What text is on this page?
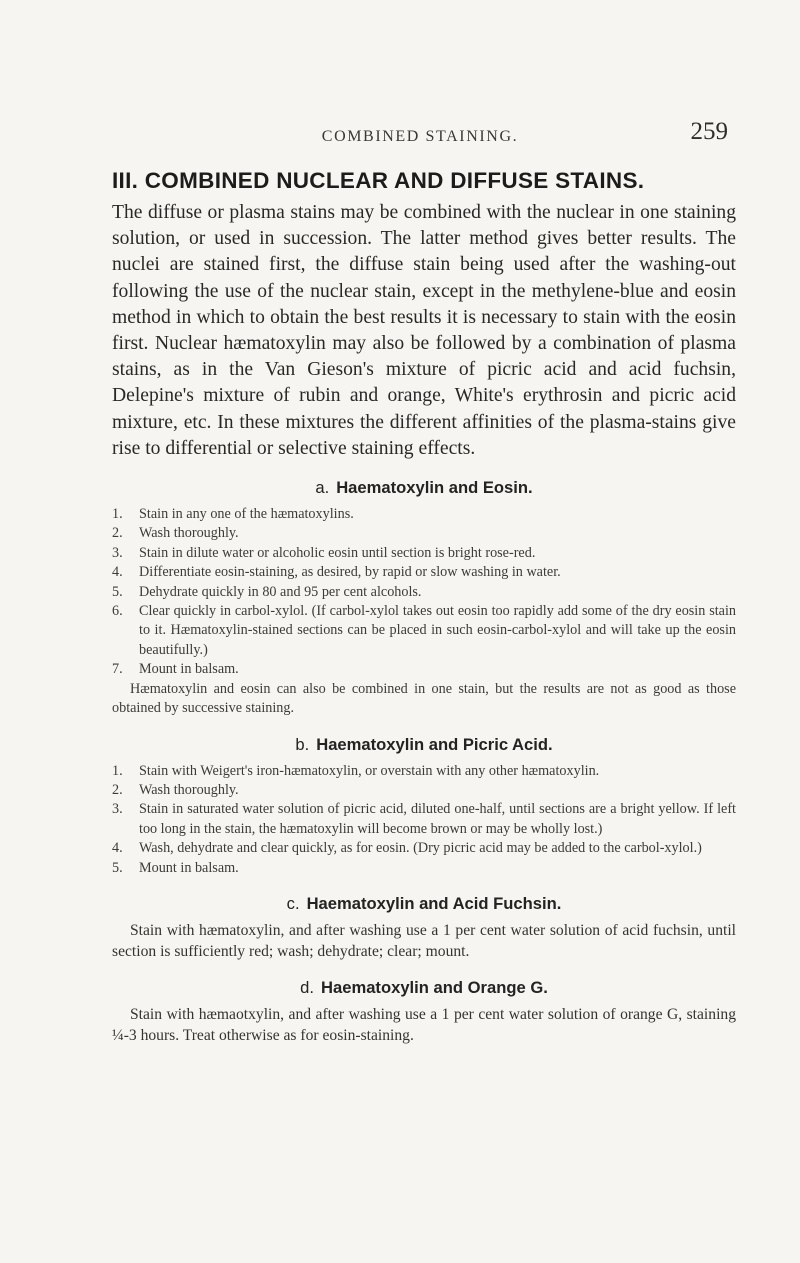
COMBINED STAINING.	259
III. COMBINED NUCLEAR AND DIFFUSE STAINS.

The diffuse or plasma stains may be combined with the nuclear in one staining solution, or used in succession. The latter method gives better results. The nuclei are stained first, the diffuse stain being used after the washing-out following the use of the nuclear stain, except in the methylene-blue and eosin method in which to obtain the best results it is necessary to stain with the eosin first. Nuclear hæmatoxylin may also be followed by a combination of plasma stains, as in the Van Gieson's mixture of picric acid and acid fuchsin, Delepine's mixture of rubin and orange, White's erythrosin and picric acid mixture, etc. In these mixtures the different affinities of the plasma-stains give rise to differential or selective staining effects.

a. Haematoxylin and Eosin.
1. Stain in any one of the hæmatoxylins.
2. Wash thoroughly.
3. Stain in dilute water or alcoholic eosin until section is bright rose-red.
4. Differentiate eosin-staining, as desired, by rapid or slow washing in water.
5. Dehydrate quickly in 80 and 95 per cent alcohols.
6. Clear quickly in carbol-xylol. (If carbol-xylol takes out eosin too rapidly add some of the dry eosin stain to it. Hæmatoxylin-stained sections can be placed in such eosin-carbol-xylol and will take up the eosin beautifully.)
7. Mount in balsam.

Hæmatoxylin and eosin can also be combined in one stain, but the results are not as good as those obtained by successive staining.

b. Haematoxylin and Picric Acid.
1. Stain with Weigert's iron-hæmatoxylin, or overstain with any other hæmatoxylin.
2. Wash thoroughly.
3. Stain in saturated water solution of picric acid, diluted one-half, until sections are a bright yellow. If left too long in the stain, the hæmatoxylin will become brown or may be wholly lost.)
4. Wash, dehydrate and clear quickly, as for eosin. (Dry picric acid may be added to the carbol-xylol.)
5. Mount in balsam.
c. Haematoxylin and Acid Fuchsin.

Stain with hæmatoxylin, and after washing use a 1 per cent water solution of acid fuchsin, until section is sufficiently red; wash; dehydrate; clear; mount.

d. Haematoxylin and Orange G.

Stain with hæmaotxylin, and after washing use a 1 per cent water solution of orange G, staining ¼-3 hours. Treat otherwise as for eosin-staining.
